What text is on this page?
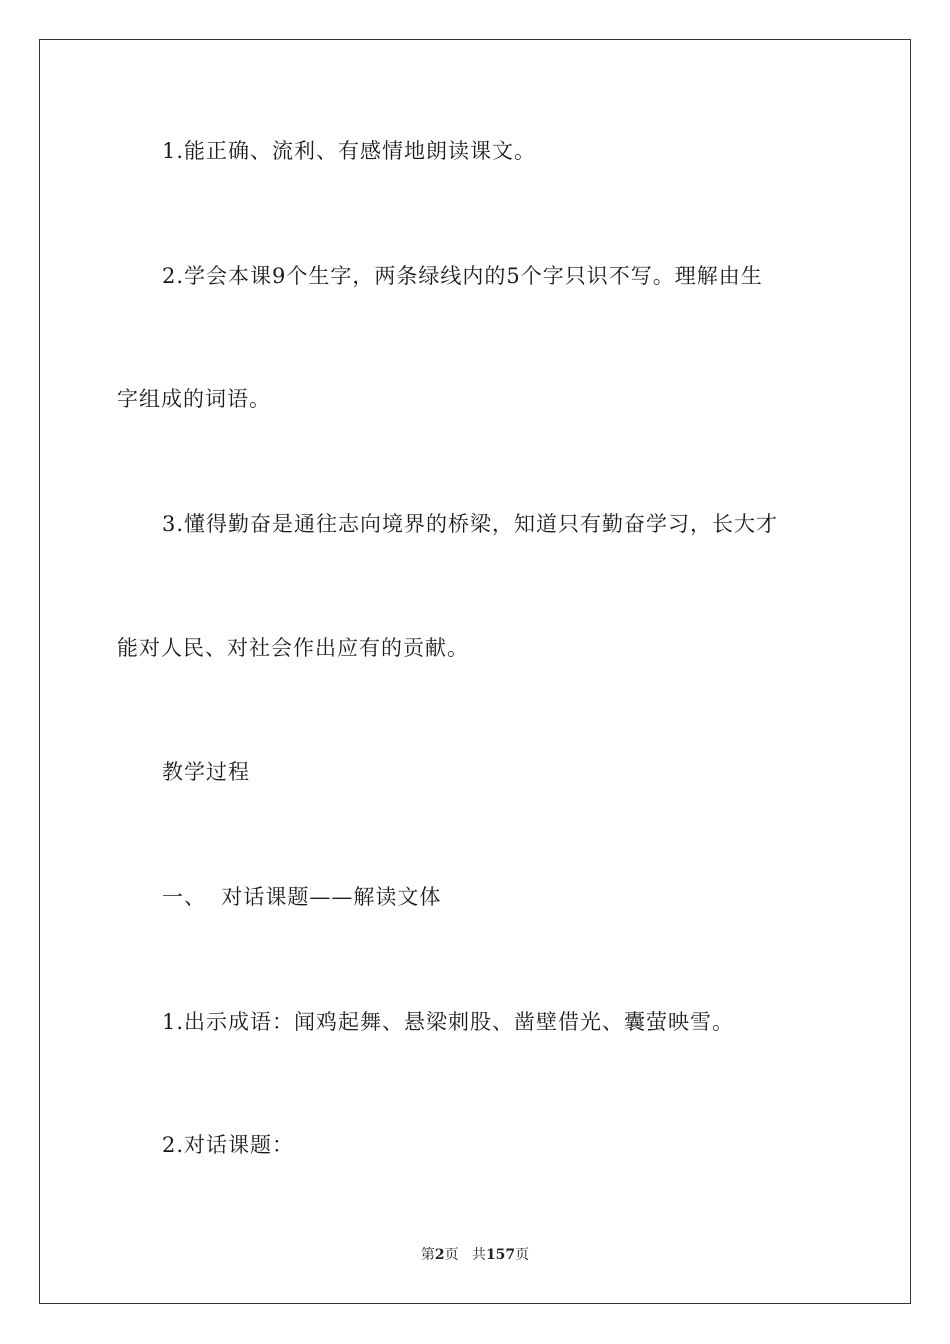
1.能正确、流利、有感情地朗读课文。
2.学会本课9个生字，两条绿线内的5个字只识不写。理解由生
字组成的词语。
3.懂得勤奋是通往志向境界的桥梁，知道只有勤奋学习，长大才
能对人民、对社会作出应有的贡献。
教学过程
一、  对话课题——解读文体
1.出示成语：闻鸡起舞、悬梁刺股、凿壁借光、囊萤映雪。
2.对话课题：
第2页   共157页
